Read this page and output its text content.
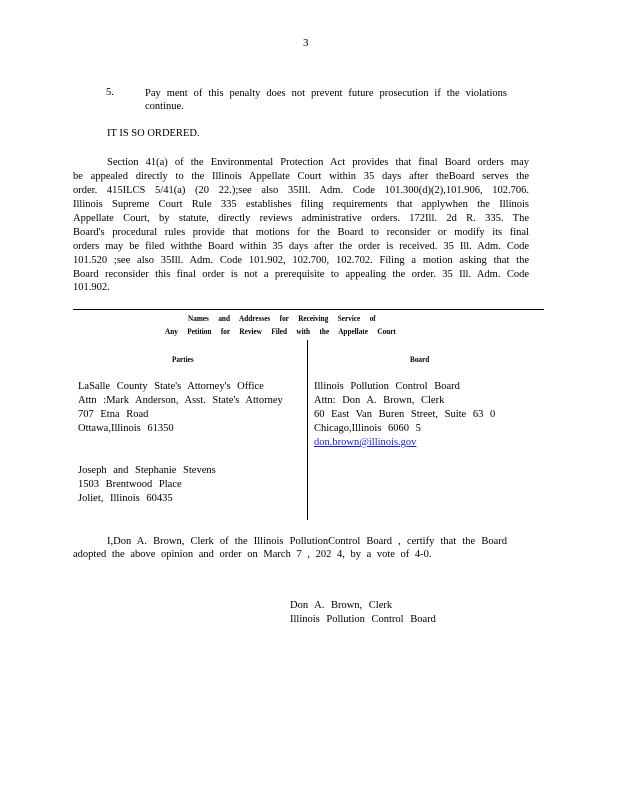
3
5.	Pay ment of this penalty does not prevent future prosecution if the violations
continue.
IT IS SO ORDERED.
Section 41(a) of the Environmental Protection Act provides that final Board orders may
be appealed directly to the Illinois Appellate Court within 35 days after theBoard serves the
order. 415ILCS 5/41(a) (20 22.);see also 35Ill. Adm. Code 101.300(d)(2),101.906, 102.706.
Illinois Supreme Court Rule 335 establishes filing requirements that applywhen the Illinois
Appellate Court, by statute, directly reviews administrative orders. 172Ill. 2d R. 335. The
Board's procedural rules provide that motions for the Board to reconsider or modify its final
orders may be filed withthe Board within 35 days after the order is received. 35 Ill. Adm. Code
101.520 ;see also 35Ill. Adm. Code 101.902, 102.700, 102.702. Filing a motion asking that the
Board reconsider this final order is not a prerequisite to appealing the order. 35 Ill. Adm. Code
101.902.
Names and Addresses for Receiving Service of
Any Petition for Review Filed with the Appellate Court
Parties	Board
LaSalle County State's Attorney's Office
Attn :Mark Anderson, Asst. State's Attorney
707 Etna Road
Ottawa,Illinois 61350
Joseph and Stephanie Stevens
1503 Brentwood Place
Joliet, Illinois 60435
Illinois Pollution Control Board
Attn: Don A. Brown, Clerk
60 East Van Buren Street, Suite 63 0
Chicago,Illinois 6060 5
don.brown@illinois.gov
I,Don A. Brown, Clerk of the Illinois PollutionControl Board , certify that the Board
adopted the above opinion and order on March 7 , 202 4, by a vote of 4-0.
Don A. Brown, Clerk
Illinois Pollution Control Board
